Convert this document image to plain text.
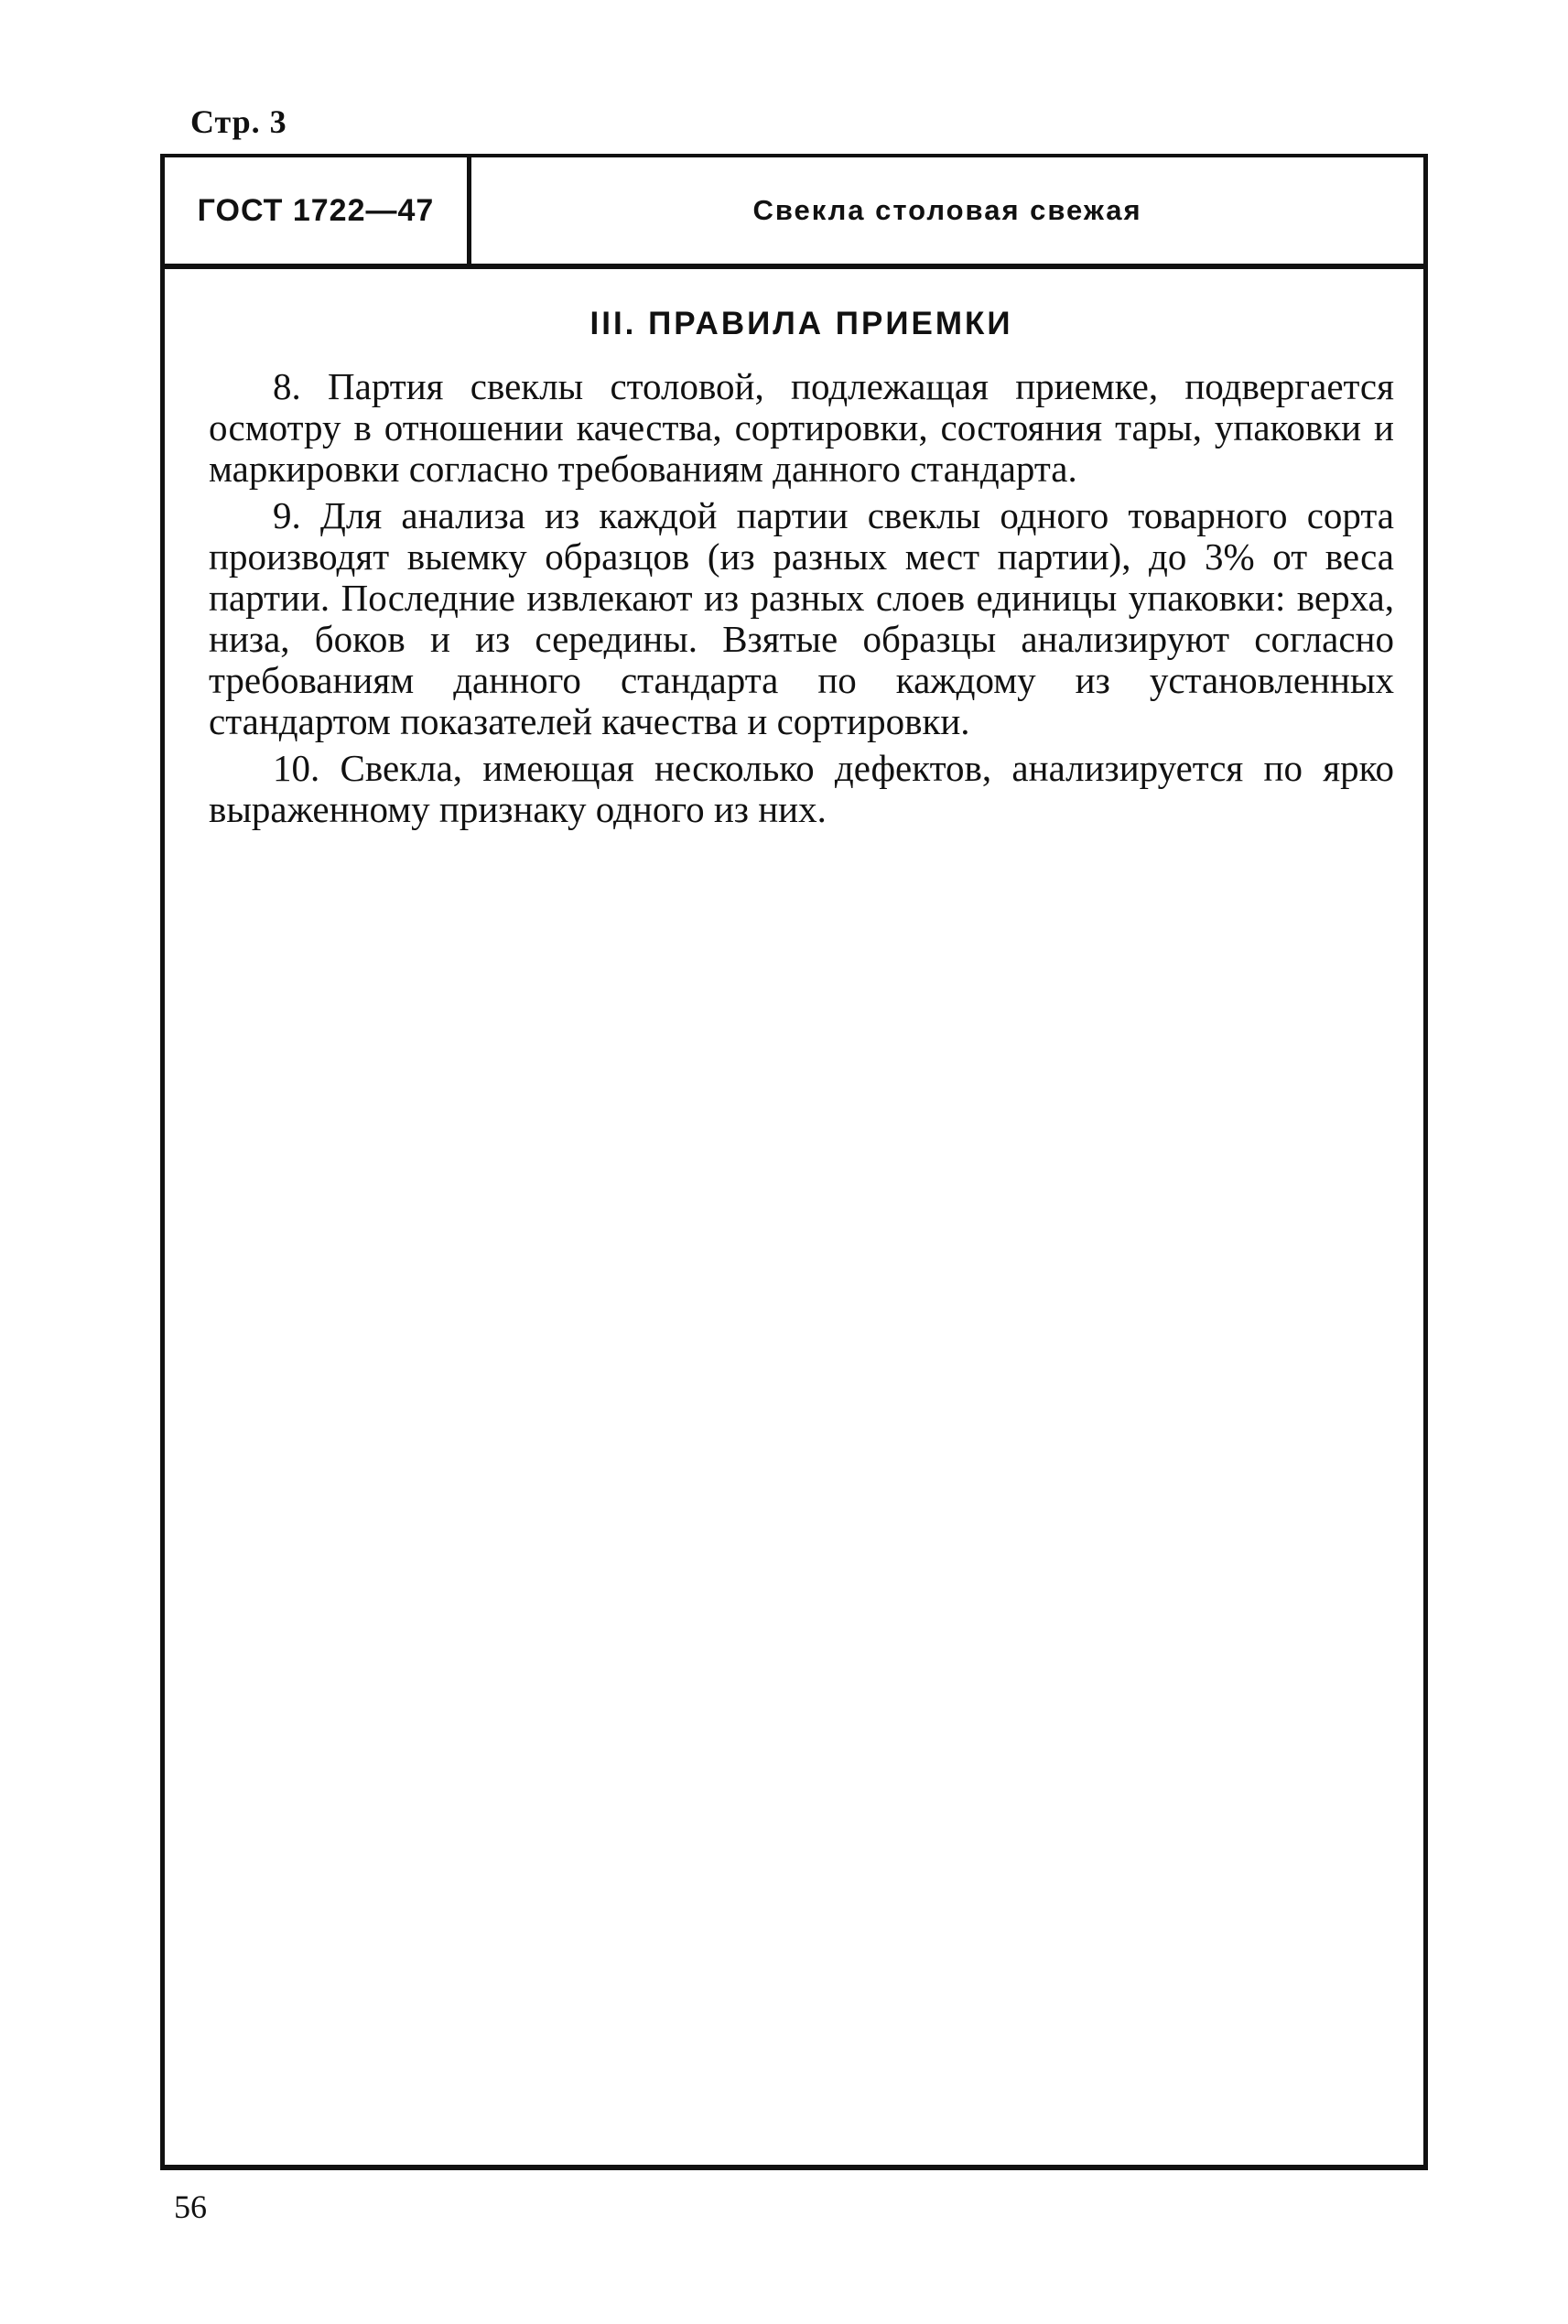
Стр. 3
ГОСТ 1722—47	Свекла столовая свежая
III. ПРАВИЛА ПРИЕМКИ

8. Партия свеклы столовой, подлежащая приемке, подвергается осмотру в отношении качества, сортировки, состояния тары, упаковки и маркировки согласно требованиям данного стандарта.

9. Для анализа из каждой партии свеклы одного товарного сорта производят выемку образцов (из разных мест партии), до 3% от веса партии. Последние извлекают из разных слоев единицы упаковки: верха, низа, боков и из середины. Взятые образцы анализируют согласно требованиям данного стандарта по каждому из установленных стандартом показателей качества и сортировки.

10. Свекла, имеющая несколько дефектов, анализируется по ярко выраженному признаку одного из них.

56
